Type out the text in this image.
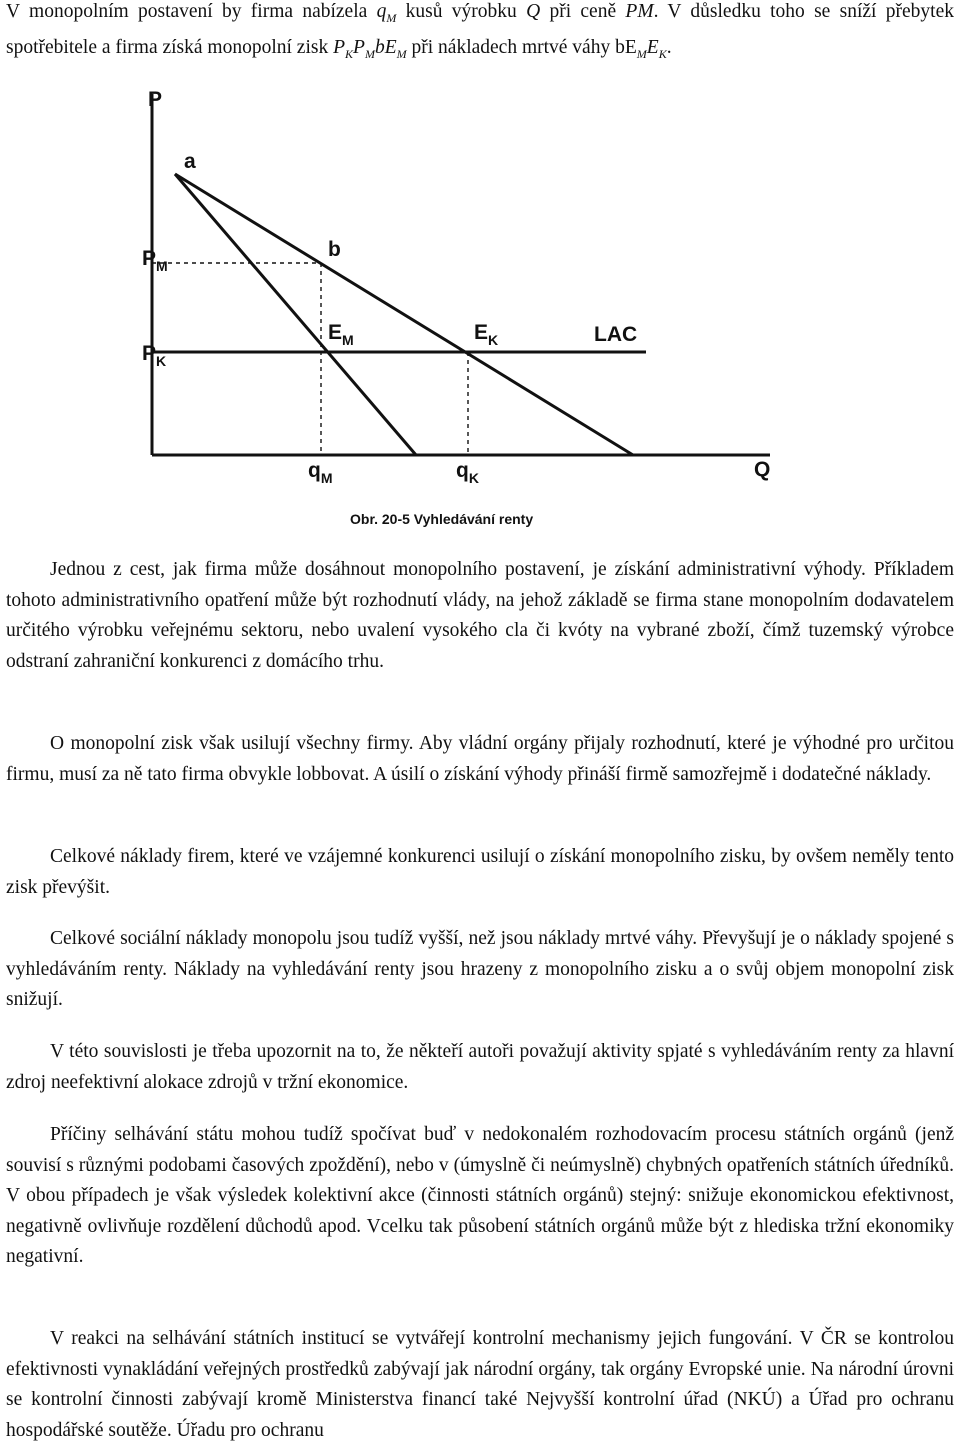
V monopolním postavení by firma nabízela $q_M$ kusů výrobku Q při ceně PM. V důsledku toho se sníží přebytek spotřebitele a firma získá monopolní zisk $P_KP_MbE_M$ při nákladech mrtvé váhy $bE_ME_K$.

P
a
$P_M$
b
$P_K$
$E_M$	$E_K$	LAC
$q_M$	$q_K$	Q
Obr. 20-5 Vyhledávání renty

Jednou z cest, jak firma může dosáhnout monopolního postavení, je získání administrativní výhody. Příkladem tohoto administrativního opatření může být rozhodnutí vlády, na jehož základě se firma stane monopolním dodavatelem určitého výrobku veřejnému sektoru, nebo uvalení vysokého cla či kvóty na vybrané zboží, čímž tuzemský výrobce odstraní zahraniční konkurenci z domácího trhu.

O monopolní zisk však usilují všechny firmy. Aby vládní orgány přijaly rozhodnutí, které je výhodné pro určitou firmu, musí za ně tato firma obvykle lobbovat. A úsilí o získání výhody přináší firmě samozřejmě i dodatečné náklady.

Celkové náklady firem, které ve vzájemné konkurenci usilují o získání monopolního zisku, by ovšem neměly tento zisk převýšit.

Celkové sociální náklady monopolu jsou tudíž vyšší, než jsou náklady mrtvé váhy. Převyšují je o náklady spojené s vyhledáváním renty. Náklady na vyhledávání renty jsou hrazeny z monopolního zisku a o svůj objem monopolní zisk snižují.

V této souvislosti je třeba upozornit na to, že někteří autoři považují aktivity spjaté s vyhledáváním renty za hlavní zdroj neefektivní alokace zdrojů v tržní ekonomice.

Příčiny selhávání státu mohou tudíž spočívat buď v nedokonalém rozhodovacím procesu státních orgánů (jenž souvisí s různými podobami časových zpoždění), nebo v (úmyslně či neúmyslně) chybných opatřeních státních úředníků. V obou případech je však výsledek kolektivní akce (činnosti státních orgánů) stejný: snižuje ekonomickou efektivnost, negativně ovlivňuje rozdělení důchodů apod. Vcelku tak působení státních orgánů může být z hlediska tržní ekonomiky negativní.

V reakci na selhávání státních institucí se vytvářejí kontrolní mechanismy jejich fungování. V ČR se kontrolou efektivnosti vynakládání veřejných prostředků zabývají jak národní orgány, tak orgány Evropské unie. Na národní úrovni se kontrolní činnosti zabývají kromě Ministerstva financí také Nejvyšší kontrolní úřad (NKÚ) a Úřad pro ochranu hospodářské soutěže. Úřadu pro ochranu
